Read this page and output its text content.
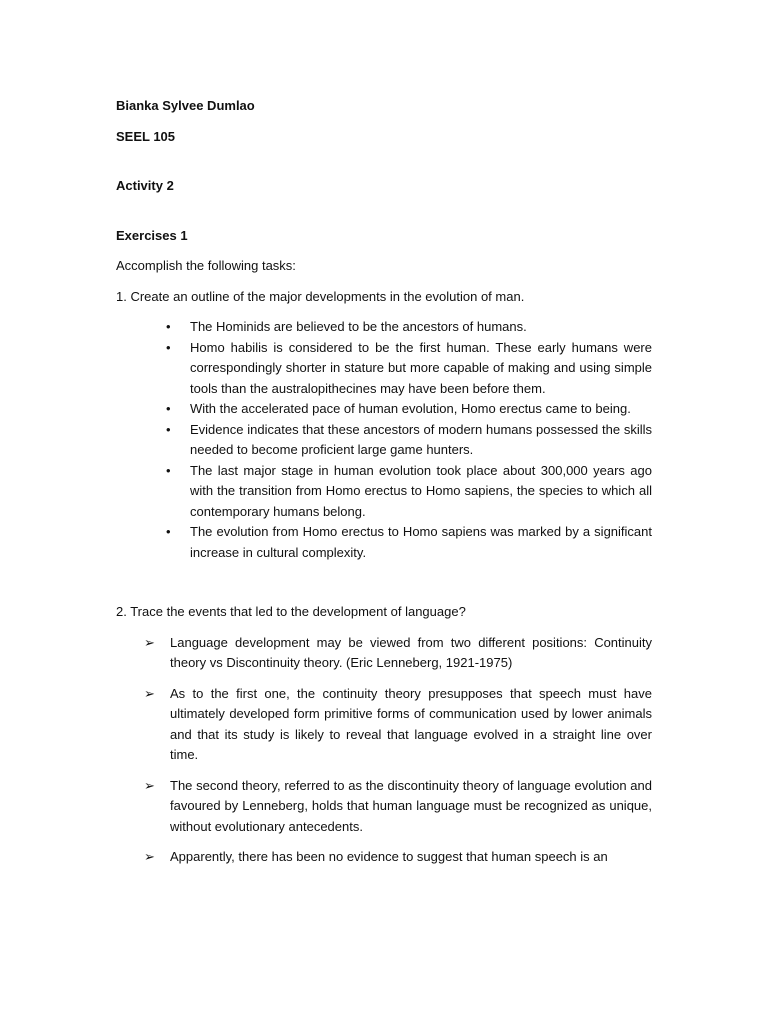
Bianka Sylvee Dumlao

SEEL 105

Activity 2

Exercises 1

Accomplish the following tasks:

1. Create an outline of the major developments in the evolution of man.

• The Hominids are believed to be the ancestors of humans.
• Homo habilis is considered to be the first human. These early humans were correspondingly shorter in stature but more capable of making and using simple tools than the australopithecines may have been before them.
• With the accelerated pace of human evolution, Homo erectus came to being.
• Evidence indicates that these ancestors of modern humans possessed the skills needed to become proficient large game hunters.
• The last major stage in human evolution took place about 300,000 years ago with the transition from Homo erectus to Homo sapiens, the species to which all contemporary humans belong.
• The evolution from Homo erectus to Homo sapiens was marked by a significant increase in cultural complexity.

2. Trace the events that led to the development of language?

➢ Language development may be viewed from two different positions: Continuity theory vs Discontinuity theory. (Eric Lenneberg, 1921-1975)
➢ As to the first one, the continuity theory presupposes that speech must have ultimately developed form primitive forms of communication used by lower animals and that its study is likely to reveal that language evolved in a straight line over time.
➢ The second theory, referred to as the discontinuity theory of language evolution and favoured by Lenneberg, holds that human language must be recognized as unique, without evolutionary antecedents.
➢ Apparently, there has been no evidence to suggest that human speech is an
